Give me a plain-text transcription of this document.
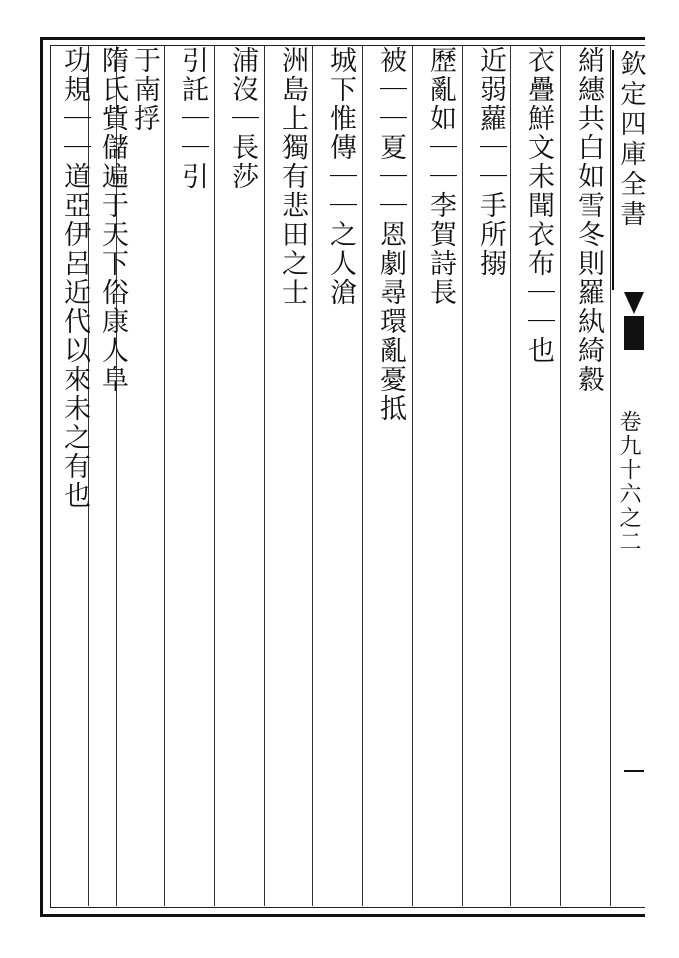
欽定四庫全書
卷九十六之二
綃繐共白如雪冬則羅紈綺縠
衣疊鮮文未聞衣布｜｜也
近弱蘿｜｜手所搦
歷亂如｜｜李賀詩長
被｜｜夏｜｜恩劇尋環亂憂抵
城下惟傳｜｜之人滄
洲島上獨有悲田之士
浦沒｜長莎
引託｜｜引
于南捊
隋氏貲儲遍于天下俗康人阜
功規｜｜道亞伊呂近代以來未之有也
